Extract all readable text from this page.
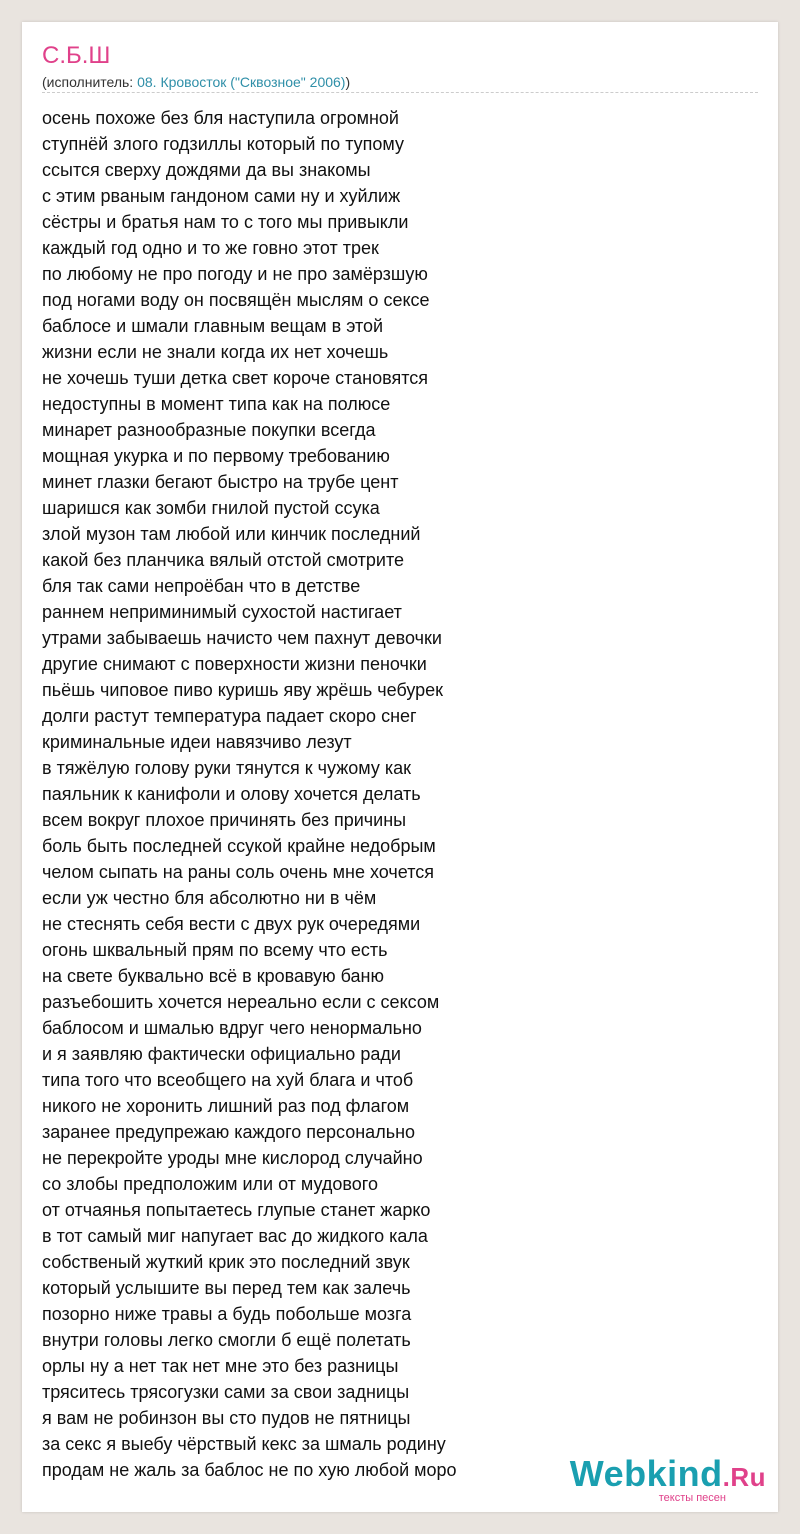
С.Б.Ш
(исполнитель: 08. Кровосток ("Сквозное" 2006))
осень похоже без бля наступила огромной
ступнёй злого годзиллы который по тупому
ссытся сверху дождями да вы знакомы
с этим рваным гандоном сами ну и хуйлиж
сёстры и братья нам то с того мы привыкли
каждый год одно и то же говно этот трек
по любому не про погоду и не про замёрзшую
под ногами воду он посвящён мыслям о сексе
баблосе и шмали главным вещам в этой
жизни если не знали когда их нет хочешь
не хочешь туши детка свет короче становятся
недоступны в момент типа как на полюсе
минарет разнообразные покупки всегда
мощная укурка и по первому требованию
минет глазки бегают быстро на трубе цент
шаришся как зомби гнилой пустой ссука
злой музон там любой или кинчик последний
какой без планчика вялый отстой смотрите
бля так сами непроёбан что в детстве
раннем неприминимый сухостой настигает
утрами забываешь начисто чем пахнут девочки
другие снимают с поверхности жизни пеночки
пьёшь чиповое пиво куришь яву жрёшь чебурек
долги растут температура падает скоро снег
криминальные идеи навязчиво лезут
в тяжёлую голову руки тянутся к чужому как
паяльник к канифоли и олову хочется делать
всем вокруг плохое причинять без причины
боль быть последней ссукой крайне недобрым
челом сыпать на раны соль очень мне хочется
если уж честно бля абсолютно ни в чём
не стеснять себя вести с двух рук очередями
огонь шквальный прям по всему что есть
на свете буквально всё в кровавую баню
разъебошить хочется нереально если с сексом
баблосом и шмалью вдруг чего ненормально
и я заявляю фактически официально ради
типа того что всеобщего на хуй блага и чтоб
никого не хоронить лишний раз под флагом
заранее предупрежаю каждого персонально
не перекройте уроды мне кислород случайно
со злобы предположим или от мудового
от отчаянья попытаетесь глупые станет жарко
в тот самый миг напугает вас до жидкого кала
собственый жуткий крик это последний звук
который услышите вы перед тем как залечь
позорно ниже травы а будь побольше мозга
внутри головы легко смогли б ещё полетать
орлы ну а нет так нет мне это без разницы
тряситесь трясогузки сами за свои задницы
я вам не робинзон вы сто пудов не пятницы
за секс я выебу чёрствый кекс за шмаль родину
продам не жаль за баблос не по хую любой моро	Webkind.Ru
тексты песен
